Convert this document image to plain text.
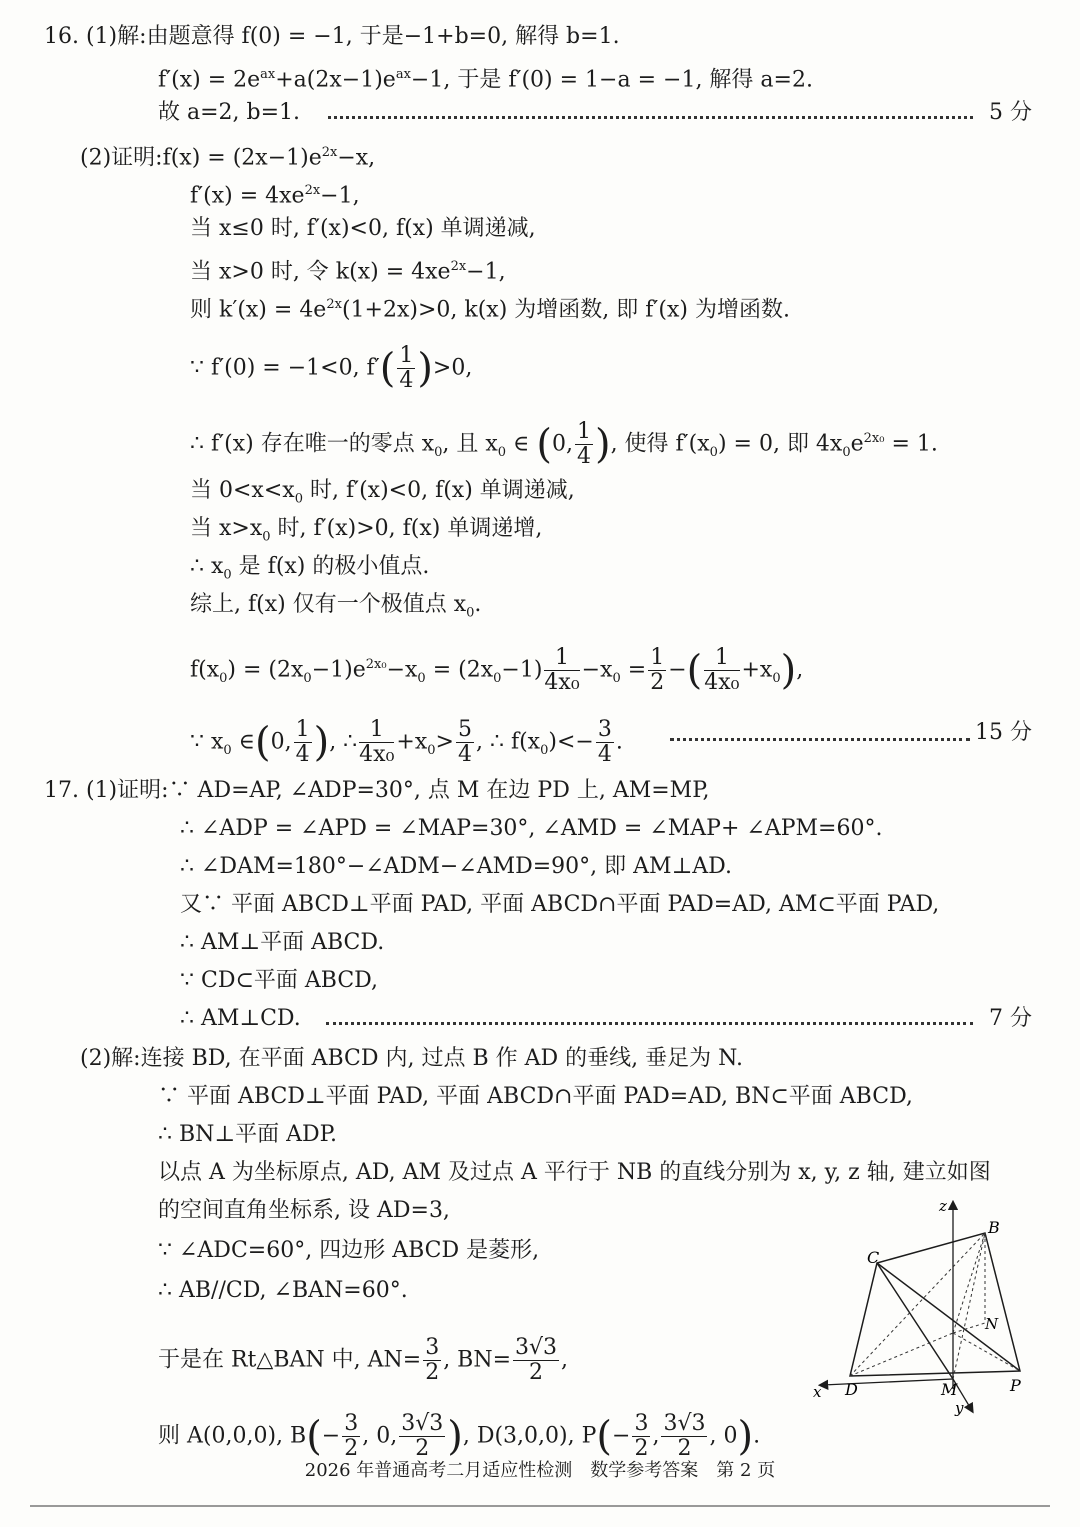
16. (1)解:由题意得 f(0) = −1, 于是−1+b=0, 解得 b=1.
$f'(x) = 2e^{ax}+a(2x-1)e^{ax}-1$, 于是 f′(0) = 1−a = −1, 解得 a=2.
故 a=2, b=1.	5 分
(2)证明:f(x) = $(2x-1)e^{2x}-x$,
$f'(x) = 4xe^{2x}-1$,
当 x≤0 时, f′(x)<0, f(x) 单调递减,
当 x>0 时, 令 $k(x) = 4xe^{2x}-1$,
则 $k'(x) = 4e^{2x}(1+2x)>0$, k(x) 为增函数, 即 f′(x) 为增函数.
∵ f′(0) = −1<0, $f'( \frac{1}{4} )>0$,
∴ f′(x) 存在唯一的零点 $x_0$, 且 $x_0$ ∈ (0, $\frac{1}{4}$ ), 使得 $f'(x_0) = 0$, 即 $4x_0e^{2x_0} = 1$.
当 $0<x<x_0$ 时, f′(x)<0, f(x) 单调递减,
当 $x>x_0$ 时, f′(x)>0, f(x) 单调递增,
∴ $x_0$ 是 f(x) 的极小值点.
综上, f(x) 仅有一个极值点 $x_0$.
$f(x_0) = (2x_0-1)e^{2x_0}-x_0 = (2x_0-1) \frac{1}{\text{4x₀}} -x_0 = \frac{1}{2}$ −( $\frac{1}{\text{4x₀}} +x_0$),
∵ $x_0$ ∈(0, $\frac{1}{4}$ ), ∴ $\frac{1}{\text{4x₀}} +x_0> \frac{5}{4}$ , ∴ $f(x_0)<- \frac{3}{4}$ .	15 分
17. (1)证明:∵ AD=AP, ∠ADP=30°, 点 M 在边 PD 上, AM=MP,
∴ ∠ADP = ∠APD = ∠MAP=30°, ∠AMD = ∠MAP+ ∠APM=60°.
∴ ∠DAM=180°−∠ADM−∠AMD=90°, 即 AM⊥AD.
又∵ 平面 ABCD⊥平面 PAD, 平面 ABCD∩平面 PAD=AD, AM⊂平面 PAD,
∴ AM⊥平面 ABCD.
∵ CD⊂平面 ABCD,
∴ AM⊥CD.	7 分
(2)解:连接 BD, 在平面 ABCD 内, 过点 B 作 AD 的垂线, 垂足为 N.
∵ 平面 ABCD⊥平面 PAD, 平面 ABCD∩平面 PAD=AD, BN⊂平面 ABCD,
∴ BN⊥平面 ADP.
以点 A 为坐标原点, AD, AM 及过点 A 平行于 NB 的直线分别为 x, y, z 轴, 建立如图
的空间直角坐标系, 设 AD=3,
∵ ∠ADC=60°, 四边形 ABCD 是菱形,
∴ AB//CD, ∠BAN=60°.
于是在 Rt△BAN 中, $AN= \frac{3}{2}$ , $BN= \frac{3√3}{2}$ ,
则 A(0,0,0), $B(- \frac{3}{2}$ , 0, $\frac{3√3}{2}$ ), D(3,0,0), $P(- \frac{3}{2}$ , $\frac{3√3}{2}$ , 0).
z
B
C
N
D	M	P
x
y
2026 年普通高考二月适应性检测　数学参考答案　第 2 页
